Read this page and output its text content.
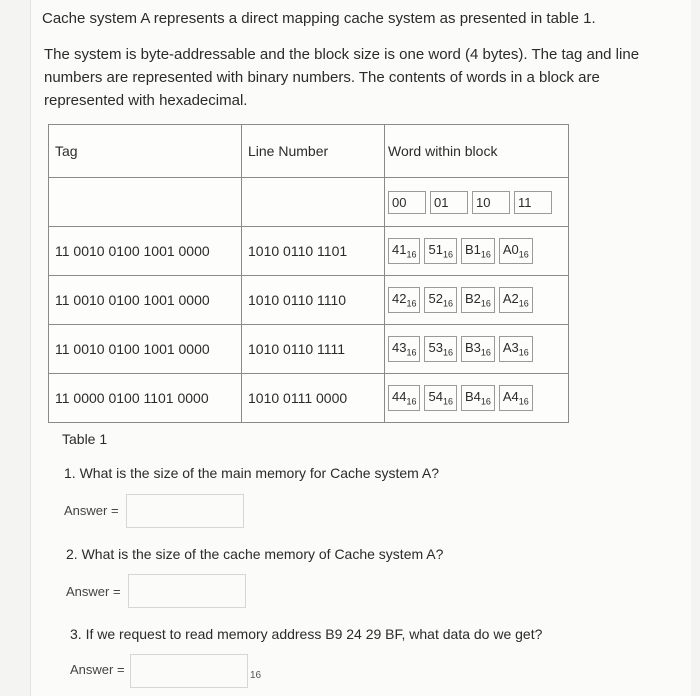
Cache system A represents a direct mapping cache system as presented in table 1.
The system is byte-addressable and the block size is one word (4 bytes). The tag and line numbers are represented with binary numbers. The contents of words in a block are represented with hexadecimal.
Tag	Line Number	Word within block

		00 01 10 11

11 0010 0100 1001 0000	1010 0110 1101	$41_{16}$ $51_{16}$ $B1_{16}$ $A0_{16}$

11 0010 0100 1001 0000	1010 0110 1110	$42_{16}$ $52_{16}$ $B2_{16}$ $A2_{16}$

11 0010 0100 1001 0000	1010 0110 1111	$43_{16}$ $53_{16}$ $B3_{16}$ $A3_{16}$

11 0000 0100 1101 0000	1010 0111 0000	$44_{16}$ $54_{16}$ $B4_{16}$ $A4_{16}$
Table 1
1. What is the size of the main memory for Cache system A?
Answer =
2. What is the size of the cache memory of Cache system A?
Answer =
3. If we request to read memory address B9 24 29 BF, what data do we get?
Answer =	16
